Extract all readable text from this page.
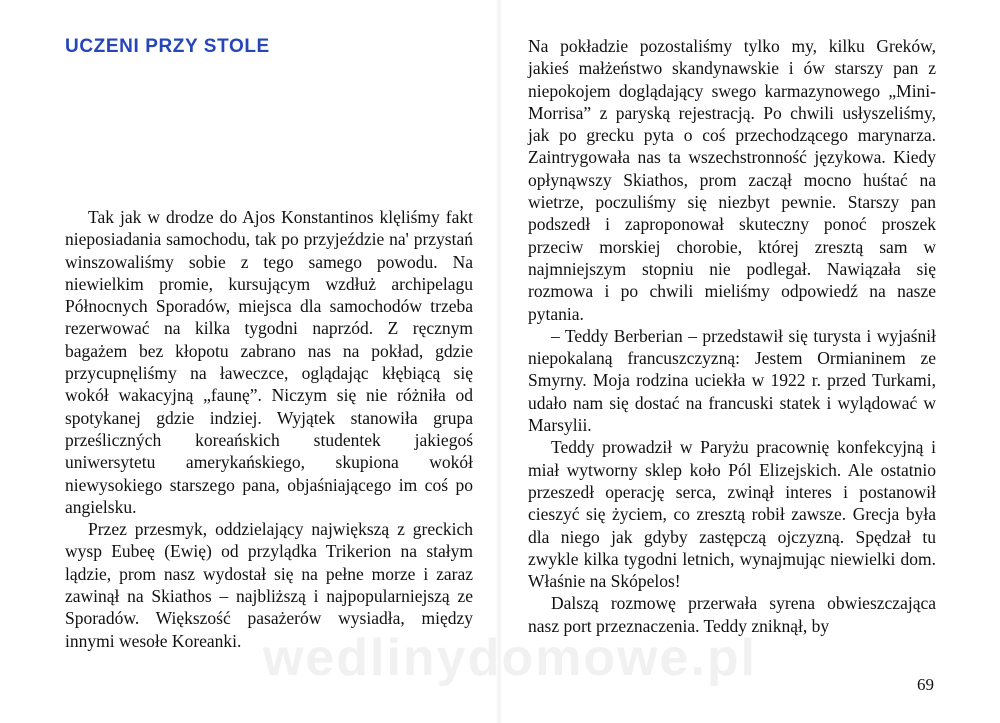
UCZENI PRZY STOLE

Tak jak w drodze do Ajos Konstantinos klęliśmy fakt nieposiadania samochodu, tak po przyjeździe na' przystań winszowaliśmy sobie z tego samego powodu. Na niewielkim promie, kursującym wzdłuż archipelagu Północnych Sporadów, miejsca dla samochodów trzeba rezerwować na kilka tygodni naprzód. Z ręcznym bagażem bez kłopotu zabrano nas na pokład, gdzie przycupnęliśmy na ławeczce, oglądając kłębiącą się wokół wakacyjną „faunę”. Niczym się nie różniła od spotykanej gdzie indziej. Wyjątek stanowiła grupa prześliczných koreańskich studentek jakiegoś uniwersytetu amerykańskiego, skupiona wokół niewysokiego starszego pana, objaśniającego im coś po angielsku.

Przez przesmyk, oddzielający największą z greckich wysp Eubeę (Ewię) od przylądka Trikerion na stałym lądzie, prom nasz wydostał się na pełne morze i zaraz zawinął na Skiathos – najbliższą i najpopularniejszą ze Sporadów. Większość pasażerów wysiadła, między innymi wesołe Koreanki.

Na pokładzie pozostaliśmy tylko my, kilku Greków, jakieś małżeństwo skandynawskie i ów starszy pan z niepokojem doglądający swego karmazynowego „Mini-Morrisa” z paryską rejestracją. Po chwili usłyszeliśmy, jak po grecku pyta o coś przechodzącego marynarza. Zaintrygowała nas ta wszechstronność językowa. Kiedy opłynąwszy Skiathos, prom zaczął mocno huśtać na wietrze, poczuliśmy się niezbyt pewnie. Starszy pan podszedł i zaproponował skuteczny ponoć proszek przeciw morskiej chorobie, której zresztą sam w najmniejszym stopniu nie podlegał. Nawiązała się rozmowa i po chwili mieliśmy odpowiedź na nasze pytania.

– Teddy Berberian – przedstawił się turysta i wyjaśnił niepokalaną francuszczyzną: Jestem Ormianinem ze Smyrny. Moja rodzina uciekła w 1922 r. przed Turkami, udało nam się dostać na francuski statek i wylądować w Marsylii.

Teddy prowadził w Paryżu pracownię konfekcyjną i miał wytworny sklep koło Pól Elizejskich. Ale ostatnio przeszedł operację serca, zwinął interes i postanowił cieszyć się życiem, co zresztą robił zawsze. Grecja była dla niego jak gdyby zastępczą ojczyzną. Spędzał tu zwykle kilka tygodni letnich, wynajmując niewielki dom. Właśnie na Skópelos!

Dalszą rozmowę przerwała syrena obwieszczająca nasz port przeznaczenia. Teddy zniknął, by

69
wedlinydomowe.pl
